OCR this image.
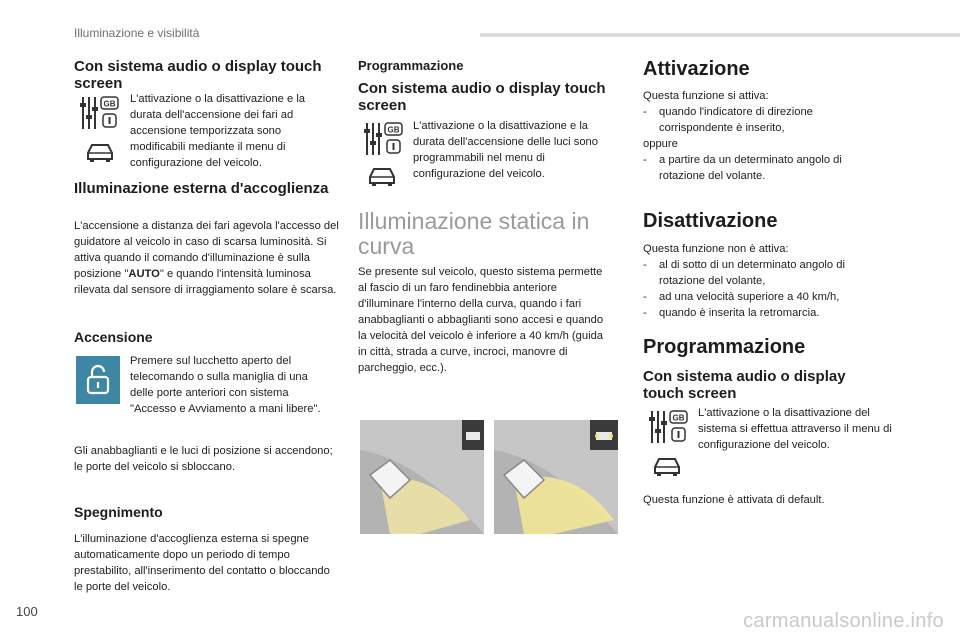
Illuminazione e visibilità
Con sistema audio o display touch screen
GB L'attivazione o la disattivazione e la durata dell'accensione dei fari ad accensione temporizzata sono modificabili mediante il menu di configurazione del veicolo.

Illuminazione esterna d'accoglienza

L'accensione a distanza dei fari agevola l'accesso del guidatore al veicolo in caso di scarsa luminosità. Si attiva quando il comando d'illuminazione è sulla posizione "AUTO" e quando l'intensità luminosa rilevata dal sensore di irraggiamento solare è scarsa.

Accensione

Premere sul lucchetto aperto del telecomando o sulla maniglia di una delle porte anteriori con sistema "Accesso e Avviamento a mani libere".

Gli anabbaglianti e le luci di posizione si accendono; le porte del veicolo si sbloccano.

Spegnimento

L'illuminazione d'accoglienza esterna si spegne automaticamente dopo un periodo di tempo prestabilito, all'inserimento del contatto o bloccando le porte del veicolo.

Programmazione
Con sistema audio o display touch screen
GB L'attivazione o la disattivazione e la durata dell'accensione delle luci sono programmabili nel menu di configurazione del veicolo.

Illuminazione statica in curva

Se presente sul veicolo, questo sistema permette al fascio di un faro fendinebbia anteriore d'illuminare l'interno della curva, quando i fari anabbaglianti o abbaglianti sono accesi e quando la velocità del veicolo è inferiore a 40 km/h (guida in città, strada a curve, incroci, manovre di parcheggio, ecc.).

Attivazione
Questa funzione si attiva:
- quando l'indicatore di direzione corrispondente è inserito,
oppure
- a partire da un determinato angolo di rotazione del volante.
Disattivazione
Questa funzione non è attiva:
- al di sotto di un determinato angolo di rotazione del volante,
- ad una velocità superiore a 40 km/h,
- quando è inserita la retromarcia.
Programmazione
Con sistema audio o display touch screen
GB L'attivazione o la disattivazione del sistema si effettua attraverso il menu di configurazione del veicolo.

Questa funzione è attivata di default.

100	carmanualsonline.info
